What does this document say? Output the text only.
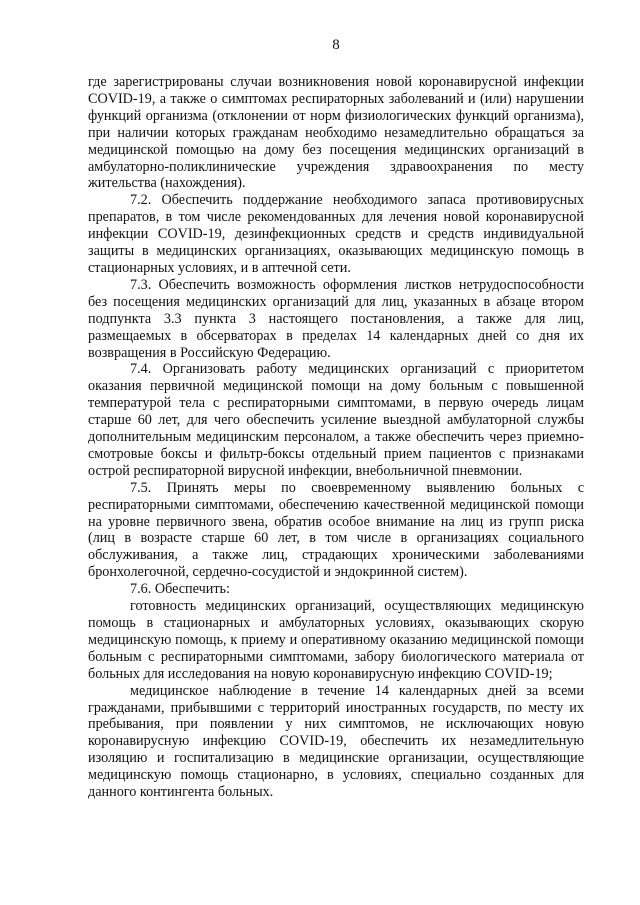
8

где зарегистрированы случаи возникновения новой коронавирусной инфекции COVID-19, а также о симптомах респираторных заболеваний и (или) нарушении функций организма (отклонении от норм физиологических функций организма), при наличии которых гражданам необходимо незамедлительно обращаться за медицинской помощью на дому без посещения медицинских организаций в амбулаторно-поликлинические учреждения здравоохранения по месту жительства (нахождения).

7.2. Обеспечить поддержание необходимого запаса противовирусных препаратов, в том числе рекомендованных для лечения новой коронавирусной инфекции COVID-19, дезинфекционных средств и средств индивидуальной защиты в медицинских организациях, оказывающих медицинскую помощь в стационарных условиях, и в аптечной сети.

7.3. Обеспечить возможность оформления листков нетрудоспособности без посещения медицинских организаций для лиц, указанных в абзаце втором подпункта 3.3 пункта 3 настоящего постановления, а также для лиц, размещаемых в обсерваторах в пределах 14 календарных дней со дня их возвращения в Российскую Федерацию.

7.4. Организовать работу медицинских организаций с приоритетом оказания первичной медицинской помощи на дому больным с повышенной температурой тела с респираторными симптомами, в первую очередь лицам старше 60 лет, для чего обеспечить усиление выездной амбулаторной службы дополнительным медицинским персоналом, а также обеспечить через приемно-смотровые боксы и фильтр-боксы отдельный прием пациентов с признаками острой респираторной вирусной инфекции, внебольничной пневмонии.

7.5. Принять меры по своевременному выявлению больных с респираторными симптомами, обеспечению качественной медицинской помощи на уровне первичного звена, обратив особое внимание на лиц из групп риска (лиц в возрасте старше 60 лет, в том числе в организациях социального обслуживания, а также лиц, страдающих хроническими заболеваниями бронхолегочной, сердечно-сосудистой и эндокринной систем).

7.6. Обеспечить:

готовность медицинских организаций, осуществляющих медицинскую помощь в стационарных и амбулаторных условиях, оказывающих скорую медицинскую помощь, к приему и оперативному оказанию медицинской помощи больным с респираторными симптомами, забору биологического материала от больных для исследования на новую коронавирусную инфекцию COVID-19;

медицинское наблюдение в течение 14 календарных дней за всеми гражданами, прибывшими с территорий иностранных государств, по месту их пребывания, при появлении у них симптомов, не исключающих новую коронавирусную инфекцию COVID-19, обеспечить их незамедлительную изоляцию и госпитализацию в медицинские организации, осуществляющие медицинскую помощь стационарно, в условиях, специально созданных для данного контингента больных.
